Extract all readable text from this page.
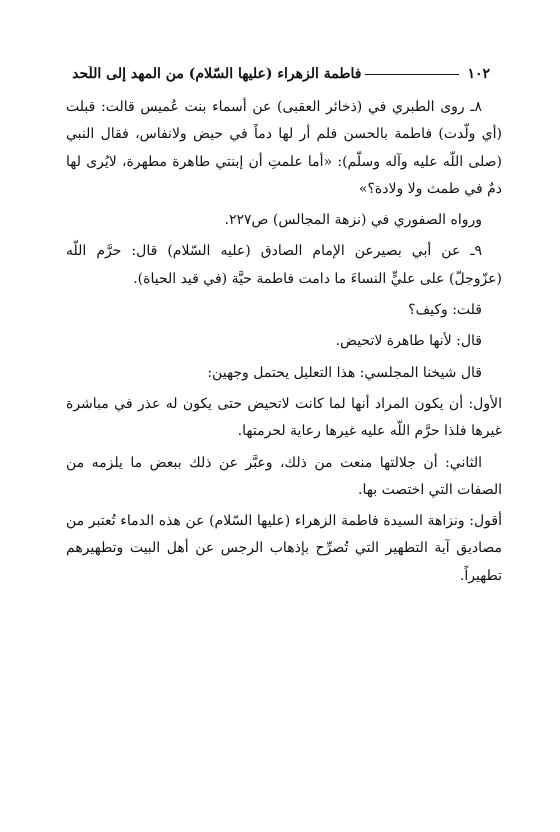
١٠٢
فاطمة الزهراء (عليها السّلام) من المهد إلى اللّحد

٨ـ روى الطبري في (ذخائر العقبى) عن أسماء بنت عُميس قالت: قبلت (أي ولّدت) فاطمة بالحسن فلم أر لها دماً في حيض ولانفاس، فقال النبي (صلى اللّه عليه وآله وسلّم): «أما علمتِ أن إبنتي طاهرة مطهرة، لايُرى لها دمٌ في طمث ولا ولادة؟»

ورواه الصفوري في (نزهة المجالس) ص٢٢٧.

٩ـ عن أبي بصيرعن الإمام الصادق (عليه السّلام) قال: حرَّم اللّه (عزّوجلّ) على عليٍّ النساءَ ما دامت فاطمة حيَّة (في قيد الحياة).

قلت: وكيف؟

قال: لأنها طاهرة لاتحيض.

قال شيخنا المجلسي: هذا التعليل يحتمل وجهين:

الأول: أن يكون المراد أنها لما كانت لاتحيض حتى يكون له عذر في مباشرة غيرها فلذا حرَّم اللّه عليه غيرها رعاية لحرمتها.

الثاني: أن جلالتها منعت من ذلك، وعبَّر عن ذلك ببعض ما يلزمه من الصفات التي اختصت بها.

أقول: ونزاهة السيدة فاطمة الزهراء (عليها السّلام) عن هذه الدماء تُعتبر من مصاديق آية التطهير التي تُصرِّح بإذهاب الرجس عن أهل البيت وتطهيرهم تطهيراً.
